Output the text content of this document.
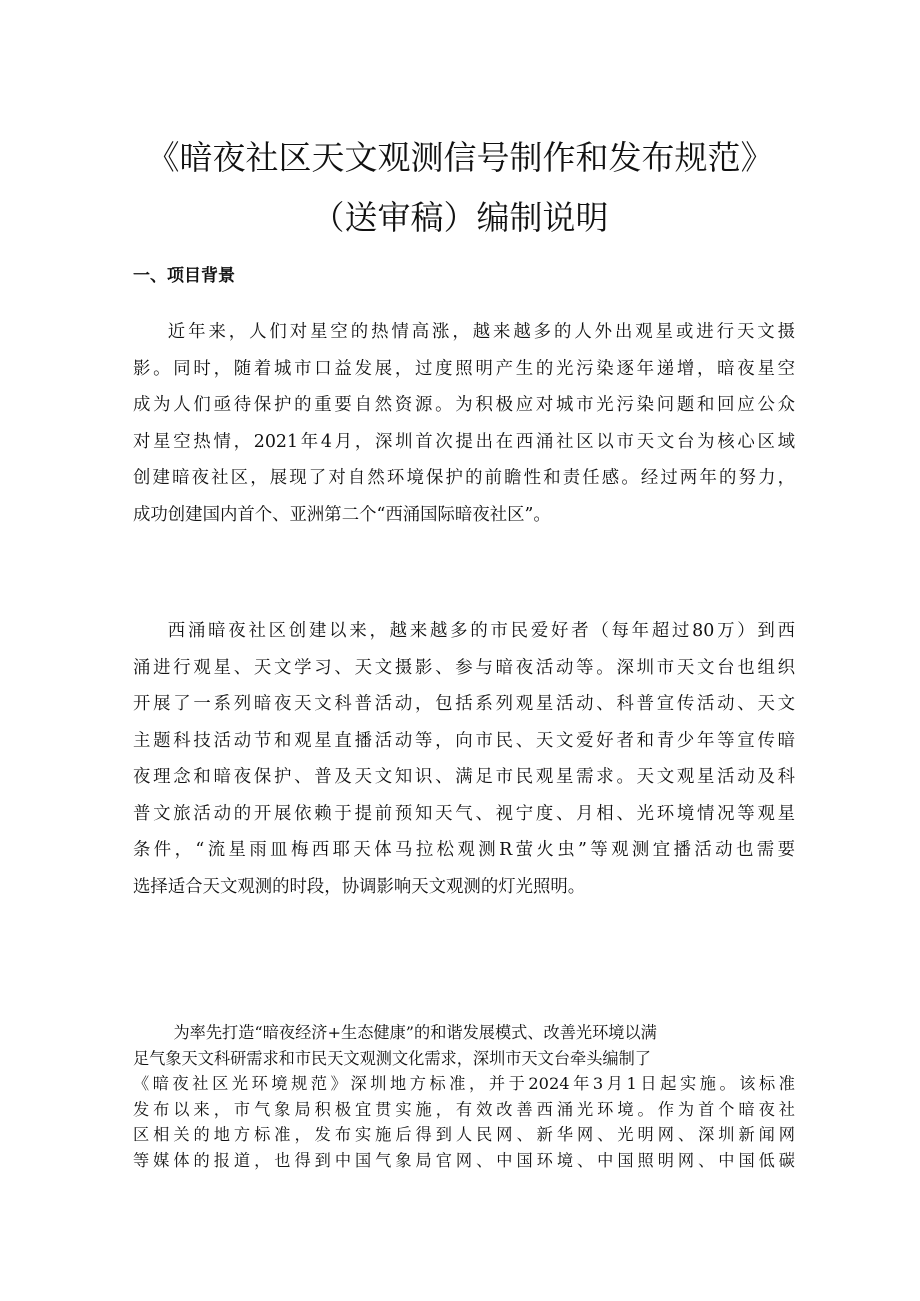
《暗夜社区天文观测信号制作和发布规范》
（送审稿）编制说明
一、项目背景

近年来，人们对星空的热情高涨，越来越多的人外出观星或进行天文摄
影。同时，随着城市口益发展，过度照明产生的光污染逐年递增，暗夜星空
成为人们亟待保护的重要自然资源。为积极应对城市光污染问题和回应公众
对星空热情，2021年4月，深圳首次提出在西涌社区以市天文台为核心区域
创建暗夜社区，展现了对自然环境保护的前瞻性和责任感。经过两年的努力，
成功创建国内首个、亚洲第二个“西涌国际暗夜社区”。

西涌暗夜社区创建以来，越来越多的市民爱好者（每年超过80万）到西
涌进行观星、天文学习、天文摄影、参与暗夜活动等。深圳市天文台也组织
开展了一系列暗夜天文科普活动，包括系列观星活动、科普宣传活动、天文
主题科技活动节和观星直播活动等，向市民、天文爱好者和青少年等宣传暗
夜理念和暗夜保护、普及天文知识、满足市民观星需求。天文观星活动及科
普文旅活动的开展依赖于提前预知天气、视宁度、月相、光环境情况等观星
条件，“流星雨皿梅西耶天体马拉松观测R萤火虫”等观测宜播活动也需要
选择适合天文观测的时段，协调影响天文观测的灯光照明。

为率先打造“暗夜经济+生态健康”的和谐发展模式、改善光环境以满
足气象天文科研需求和市民天文观测文化需求，深圳市天文台牵头编制了
《暗夜社区光环境规范》深圳地方标准，并于2024年3月1日起实施。该标准
发布以来，市气象局积极宜贯实施，有效改善西涌光环境。作为首个暗夜社
区相关的地方标准，发布实施后得到人民网、新华网、光明网、深圳新闻网
等媒体的报道，也得到中国气象局官网、中国环境、中国照明网、中国低碳
